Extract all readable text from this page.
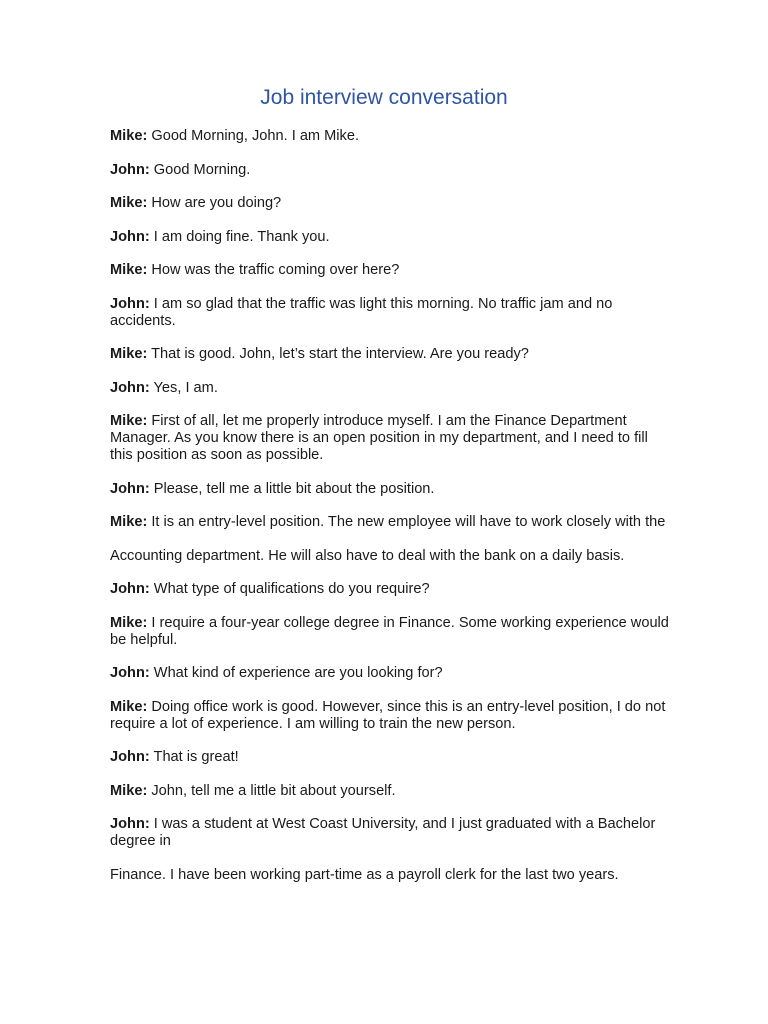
Job interview conversation

Mike: Good Morning, John. I am Mike.

John: Good Morning.

Mike: How are you doing?

John: I am doing fine. Thank you.

Mike: How was the traffic coming over here?

John: I am so glad that the traffic was light this morning. No traffic jam and no accidents.

Mike: That is good. John, let’s start the interview. Are you ready?

John: Yes, I am.

Mike: First of all, let me properly introduce myself. I am the Finance Department Manager. As you know there is an open position in my department, and I need to fill this position as soon as possible.

John: Please, tell me a little bit about the position.

Mike: It is an entry-level position. The new employee will have to work closely with the

Accounting department. He will also have to deal with the bank on a daily basis.

John: What type of qualifications do you require?

Mike: I require a four-year college degree in Finance. Some working experience would be helpful.

John: What kind of experience are you looking for?

Mike: Doing office work is good. However, since this is an entry-level position, I do not require a lot of experience. I am willing to train the new person.

John: That is great!

Mike: John, tell me a little bit about yourself.

John: I was a student at West Coast University, and I just graduated with a Bachelor degree in

Finance. I have been working part-time as a payroll clerk for the last two years.
